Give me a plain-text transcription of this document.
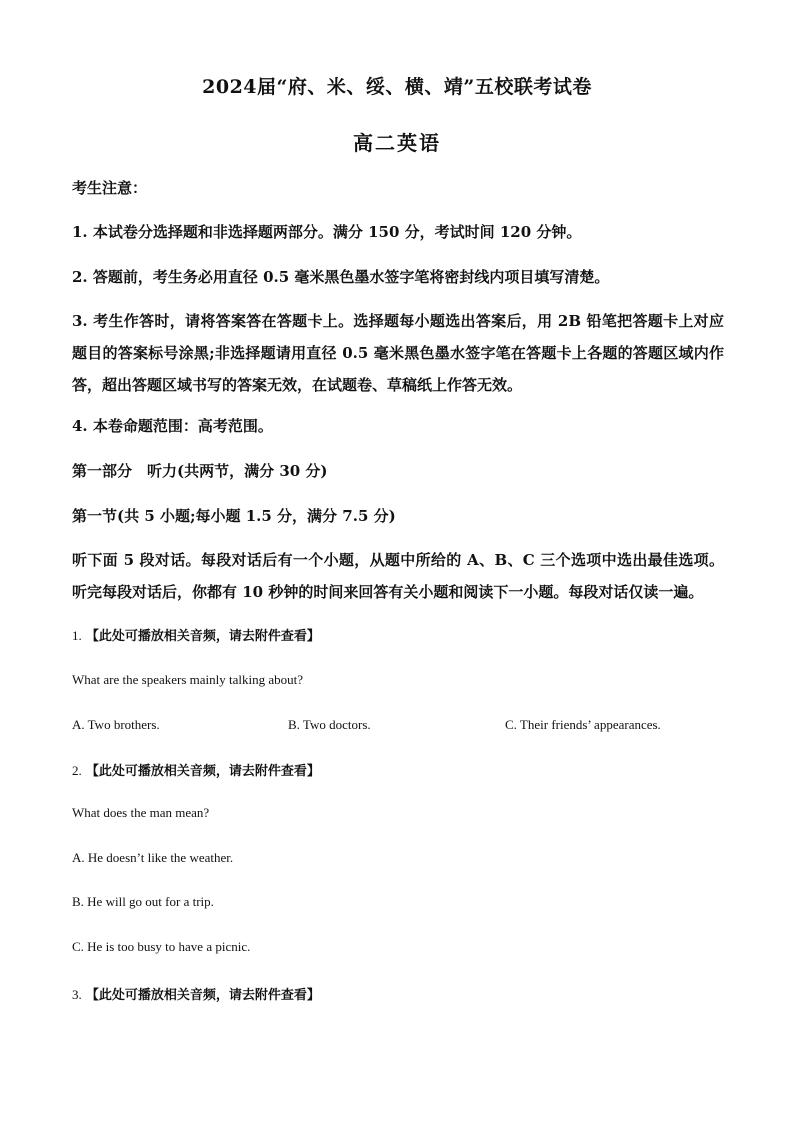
2024届“府、米、绥、横、靖”五校联考试卷
高二英语
考生注意：
1. 本试卷分选择题和非选择题两部分。满分 150 分，考试时间 120 分钟。
2. 答题前，考生务必用直径 0.5 毫米黑色墨水签字笔将密封线内项目填写清楚。
3. 考生作答时，请将答案答在答题卡上。选择题每小题选出答案后，用 2B 铅笔把答题卡上对应题目的答案标号涂黑;非选择题请用直径 0.5 毫米黑色墨水签字笔在答题卡上各题的答题区域内作答，超出答题区域书写的答案无效，在试题卷、草稿纸上作答无效。
4. 本卷命题范围：高考范围。
第一部分　听力(共两节，满分 30 分)
第一节(共 5 小题;每小题 1.5 分，满分 7.5 分)
听下面 5 段对话。每段对话后有一个小题，从题中所给的 A、B、C 三个选项中选出最佳选项。听完每段对话后，你都有 10 秒钟的时间来回答有关小题和阅读下一小题。每段对话仅读一遍。
1. 【此处可播放相关音频，请去附件查看】
What are the speakers mainly talking about?
A. Two brothers.	B. Two doctors.	C. Their friends’ appearances.
2. 【此处可播放相关音频，请去附件查看】
What does the man mean?
A. He doesn’t like the weather.
B. He will go out for a trip.
C. He is too busy to have a picnic.
3. 【此处可播放相关音频，请去附件查看】
